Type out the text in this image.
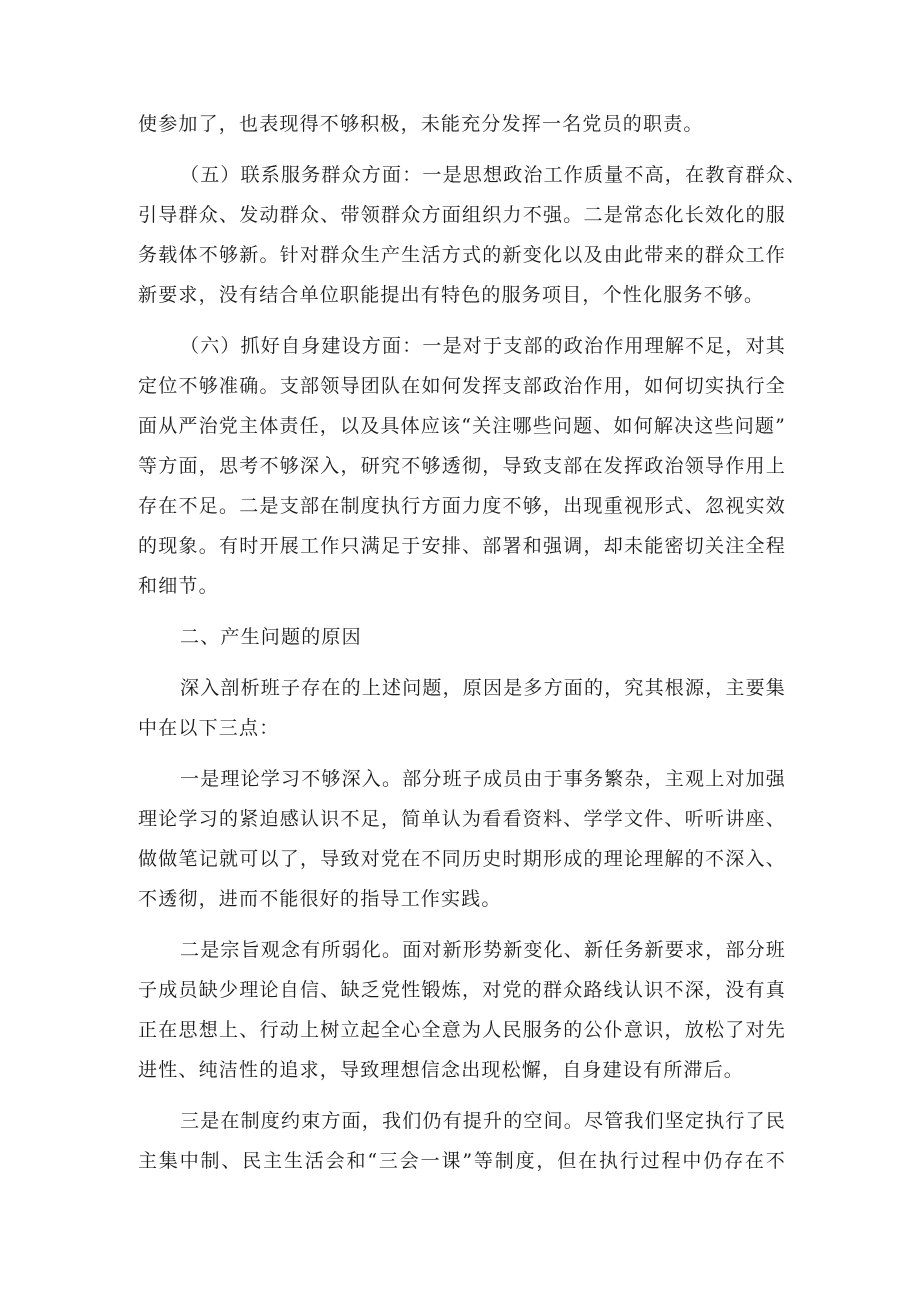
使参加了，也表现得不够积极，未能充分发挥一名党员的职责。
（五）联系服务群众方面：一是思想政治工作质量不高，在教育群众、
引导群众、发动群众、带领群众方面组织力不强。二是常态化长效化的服
务载体不够新。针对群众生产生活方式的新变化以及由此带来的群众工作
新要求，没有结合单位职能提出有特色的服务项目，个性化服务不够。
（六）抓好自身建设方面：一是对于支部的政治作用理解不足，对其
定位不够准确。支部领导团队在如何发挥支部政治作用，如何切实执行全
面从严治党主体责任，以及具体应该“关注哪些问题、如何解决这些问题”
等方面，思考不够深入，研究不够透彻，导致支部在发挥政治领导作用上
存在不足。二是支部在制度执行方面力度不够，出现重视形式、忽视实效
的现象。有时开展工作只满足于安排、部署和强调，却未能密切关注全程
和细节。
二、产生问题的原因
深入剖析班子存在的上述问题，原因是多方面的，究其根源，主要集
中在以下三点：
一是理论学习不够深入。部分班子成员由于事务繁杂，主观上对加强
理论学习的紧迫感认识不足，简单认为看看资料、学学文件、听听讲座、
做做笔记就可以了，导致对党在不同历史时期形成的理论理解的不深入、
不透彻，进而不能很好的指导工作实践。
二是宗旨观念有所弱化。面对新形势新变化、新任务新要求，部分班
子成员缺少理论自信、缺乏党性锻炼，对党的群众路线认识不深，没有真
正在思想上、行动上树立起全心全意为人民服务的公仆意识，放松了对先
进性、纯洁性的追求，导致理想信念出现松懈，自身建设有所滞后。
三是在制度约束方面，我们仍有提升的空间。尽管我们坚定执行了民
主集中制、民主生活会和“三会一课”等制度，但在执行过程中仍存在不
